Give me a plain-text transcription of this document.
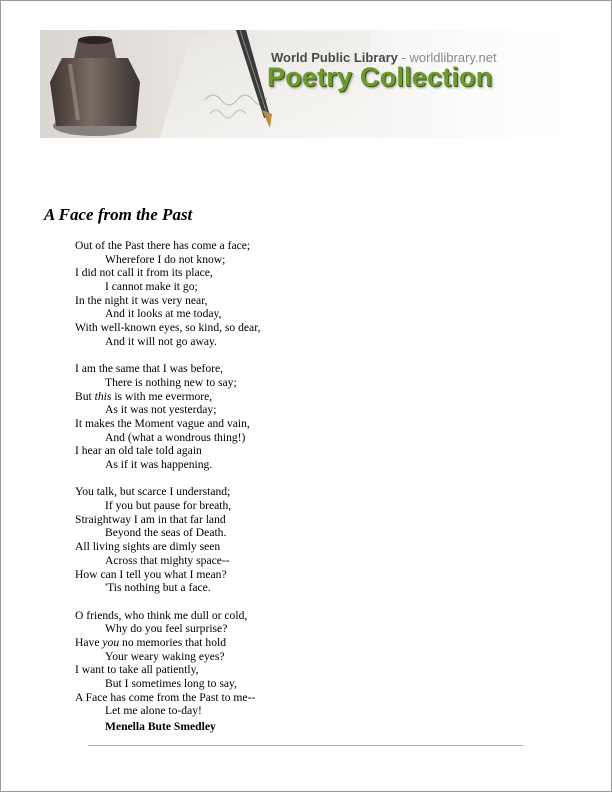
World Public Library - worldlibrary.net
Poetry Collection
A Face from the Past
Out of the Past there has come a face;
Wherefore I do not know;
I did not call it from its place,
I cannot make it go;
In the night it was very near,
And it looks at me today,
With well-known eyes, so kind, so dear,
And it will not go away.
I am the same that I was before,
There is nothing new to say;
But this is with me evermore,
As it was not yesterday;
It makes the Moment vague and vain,
And (what a wondrous thing!)
I hear an old tale told again
As if it was happening.
You talk, but scarce I understand;
If you but pause for breath,
Straightway I am in that far land
Beyond the seas of Death.
All living sights are dimly seen
Across that mighty space--
How can I tell you what I mean?
'Tis nothing but a face.
O friends, who think me dull or cold,
Why do you feel surprise?
Have you no memories that hold
Your weary waking eyes?
I want to take all patiently,
But I sometimes long to say,
A Face has come from the Past to me--
Let me alone to-day!
Menella Bute Smedley
